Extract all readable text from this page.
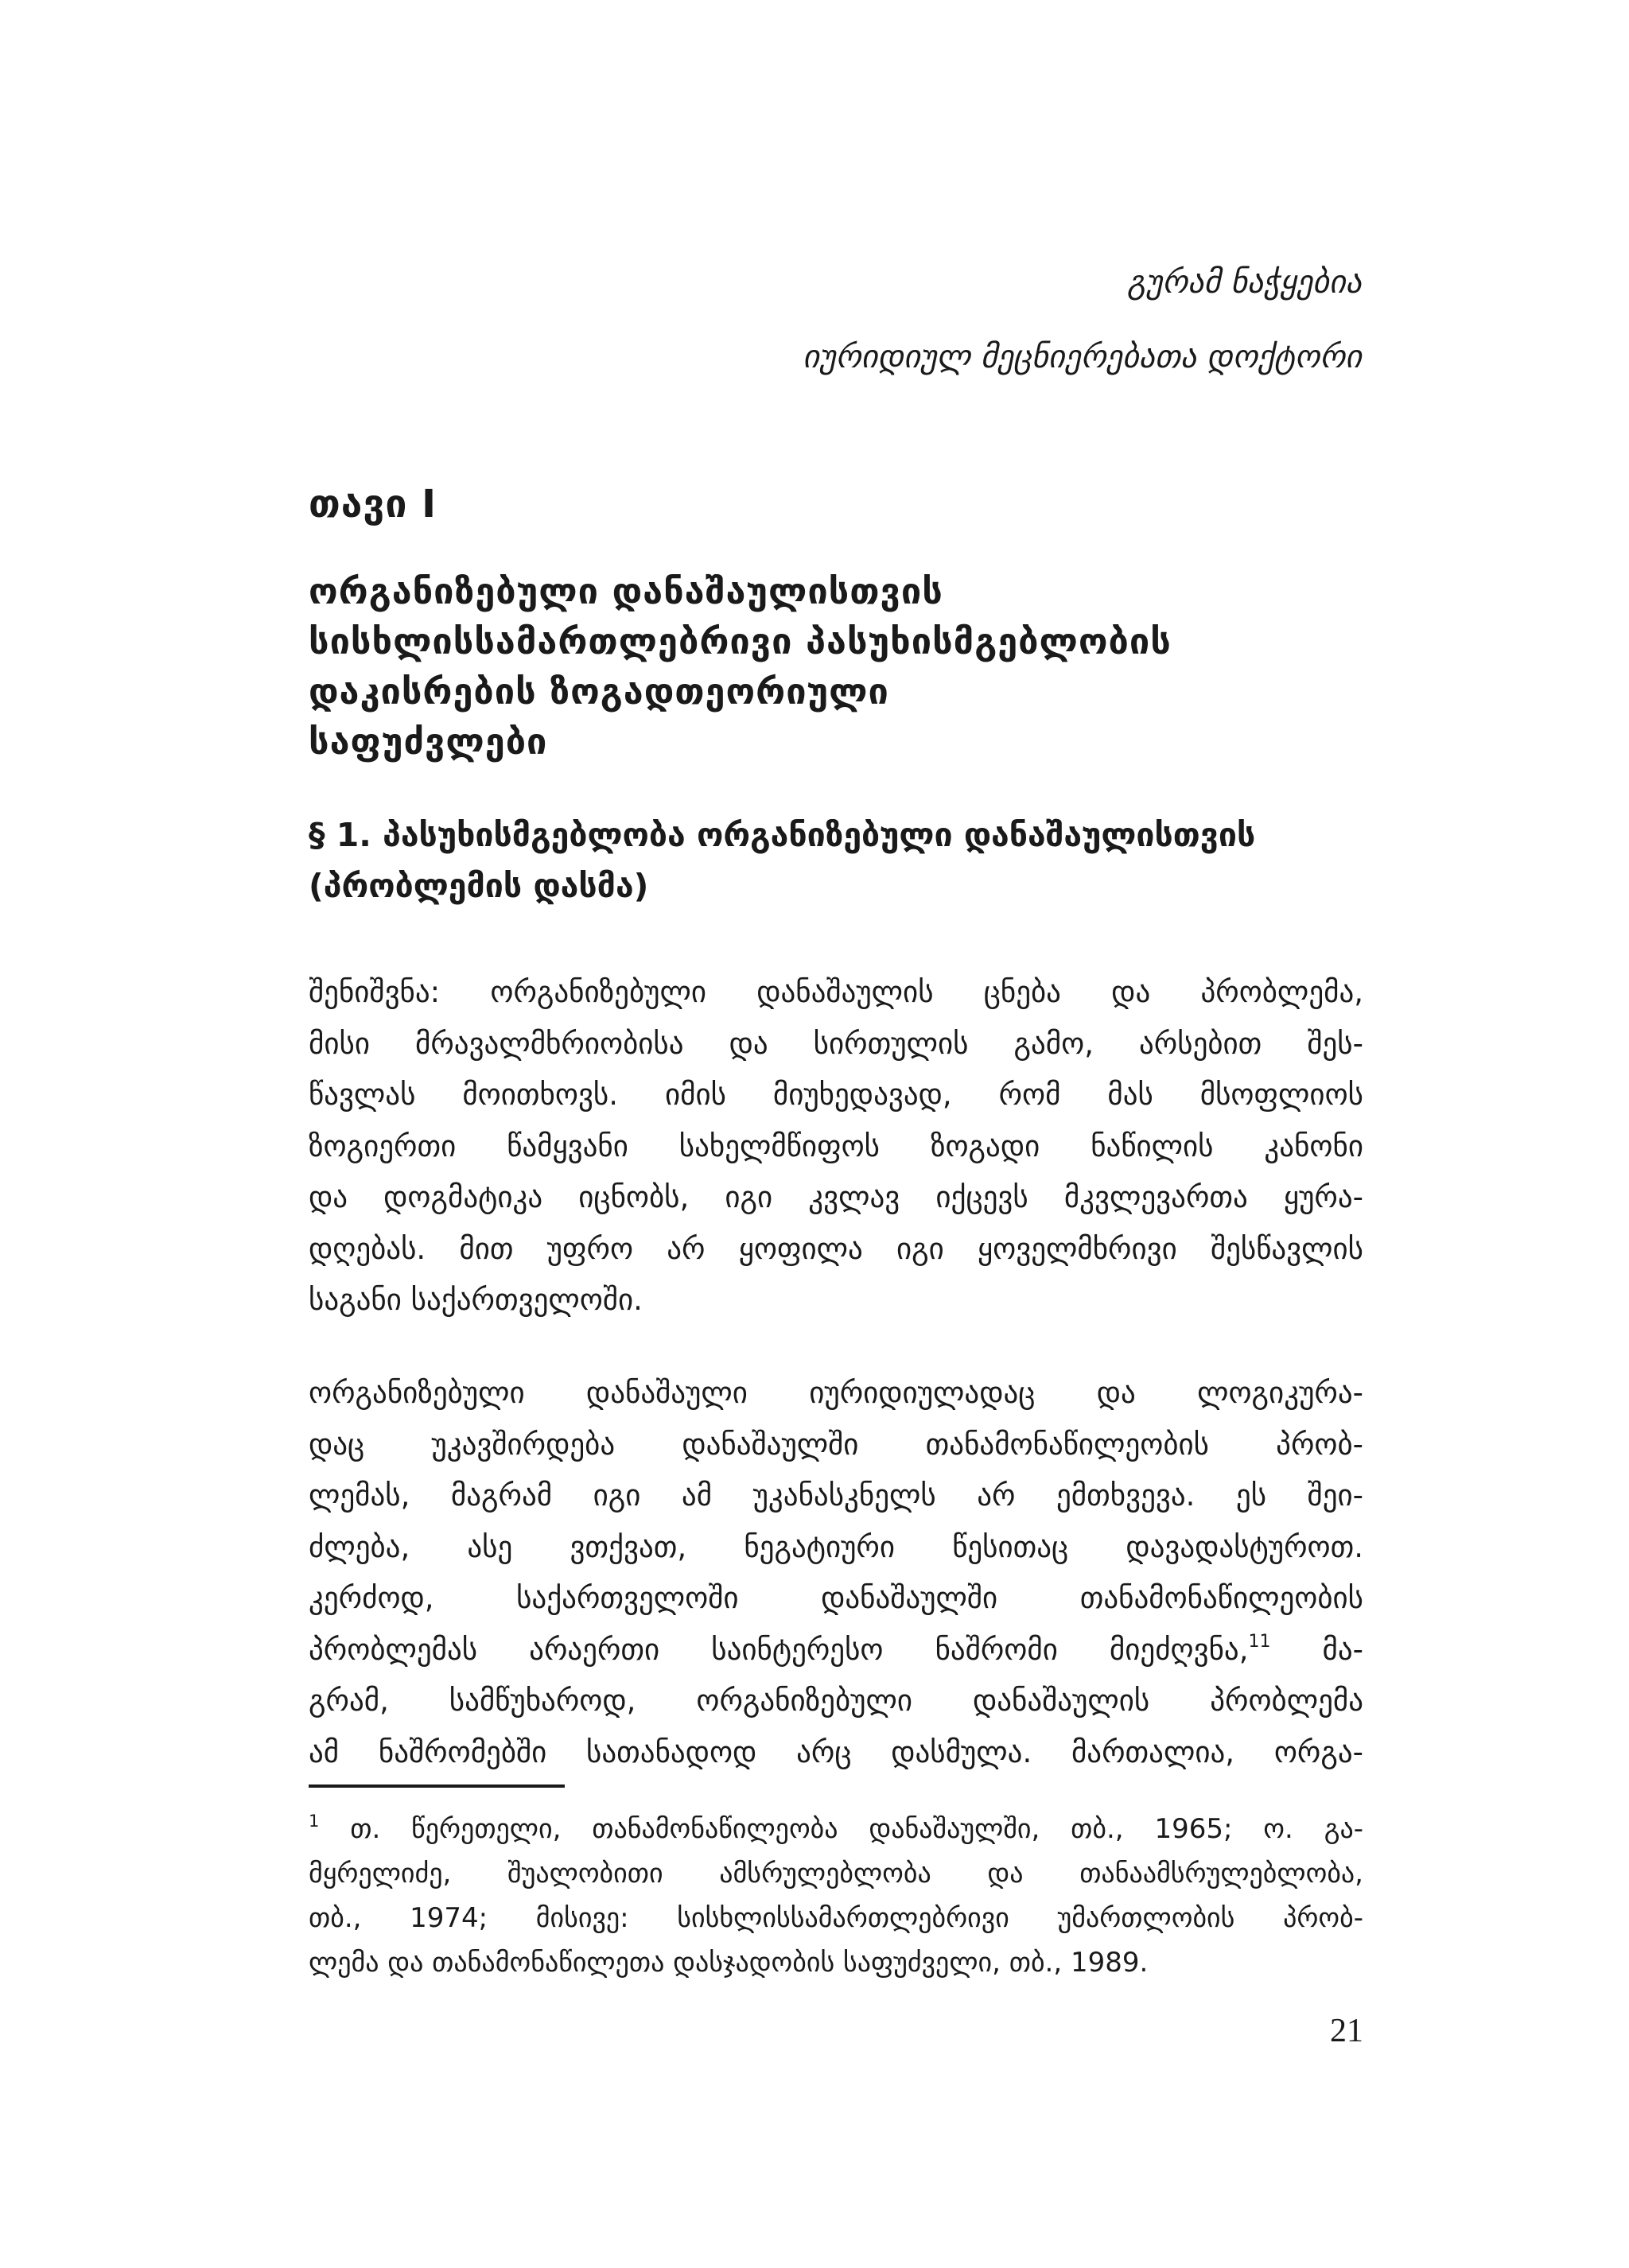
გურამ ნაჭყებია
იურიდიულ მეცნიერებათა დოქტორი
თავი I
ორგანიზებული დანაშაულისთვის
სისხლისსამართლებრივი პასუხისმგებლობის
დაკისრების ზოგადთეორიული
საფუძვლები
§ 1. პასუხისმგებლობა ორგანიზებული დანაშაულისთვის
(პრობლემის დასმა)
შენიშვნა: ორგანიზებული დანაშაულის ცნება და პრობლემა,
მისი მრავალმხრიობისა და სირთულის გამო, არსებით შეს-
წავლას მოითხოვს. იმის მიუხედავად, რომ მას მსოფლიოს
ზოგიერთი წამყვანი სახელმწიფოს ზოგადი ნაწილის კანონი
და დოგმატიკა იცნობს, იგი კვლავ იქცევს მკვლევართა ყურა-
დღებას. მით უფრო არ ყოფილა იგი ყოველმხრივი შესწავლის
საგანი საქართველოში.
ორგანიზებული დანაშაული იურიდიულადაც და ლოგიკურა-
დაც უკავშირდება დანაშაულში თანამონაწილეობის პრობ-
ლემას, მაგრამ იგი ამ უკანასკნელს არ ემთხვევა. ეს შეი-
ძლება, ასე ვთქვათ, ნეგატიური წესითაც დავადასტუროთ.
კერძოდ, საქართველოში დანაშაულში თანამონაწილეობის
პრობლემას არაერთი საინტერესო ნაშრომი მიეძღვნა,$^{11}$ მა-
გრამ, სამწუხაროდ, ორგანიზებული დანაშაულის პრობლემა
ამ ნაშრომებში სათანადოდ არც დასმულა. მართალია, ორგა-
$^1$ თ. წერეთელი, თანამონაწილეობა დანაშაულში, თბ., 1965; ო. გა-
მყრელიძე, შუალობითი ამსრულებლობა და თანაამსრულებლობა,
თბ., 1974; მისივე: სისხლისსამართლებრივი უმართლობის პრობ-
ლემა და თანამონაწილეთა დასჯადობის საფუძველი, თბ., 1989.
21
